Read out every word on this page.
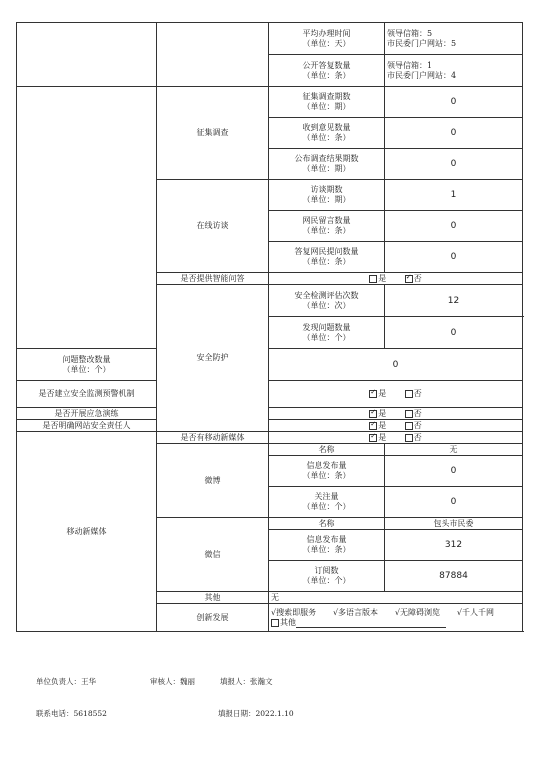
		平均办理时间
（单位：天）	领导信箱：5
市民委门户网站：5
		公开答复数量
（单位：条）	领导信箱：1
市民委门户网站：4
	征集调查	征集调查期数
（单位：期）	0
		收到意见数量
（单位：条）	0
		公布调查结果期数
（单位：期）	0
	在线访谈	访谈期数
（单位：期）	1
		网民留言数量
（单位：条）	0
		答复网民提问数量
（单位：条）	0
	是否提供智能问答	是 ✓ 否
	安全防护	安全检测评估次数
（单位：次）	12
		发现问题数量
（单位：个）	0
问题整改数量
（单位：个）		0	
是否建立安全监测预警机制	✓是 否
是否开展应急演练	✓是 否
是否明确网站安全责任人	✓是 否
移动新媒体	是否有移动新媒体	✓是 否
	微博	名称	无
		信息发布量
（单位：条）	0
		关注量
（单位：个）	0
	微信	名称	包头市民委
		信息发布量
（单位：条）	312
		订阅数
（单位：个）	87884
	其他	无	
	创新发展	√搜索即服务 √多语言版本 √无障碍浏览 √千人千网
其他	
单位负责人：王华	审核人：魏丽	填报人：张瀚文
联系电话：5618552	填报日期：2022.1.10
